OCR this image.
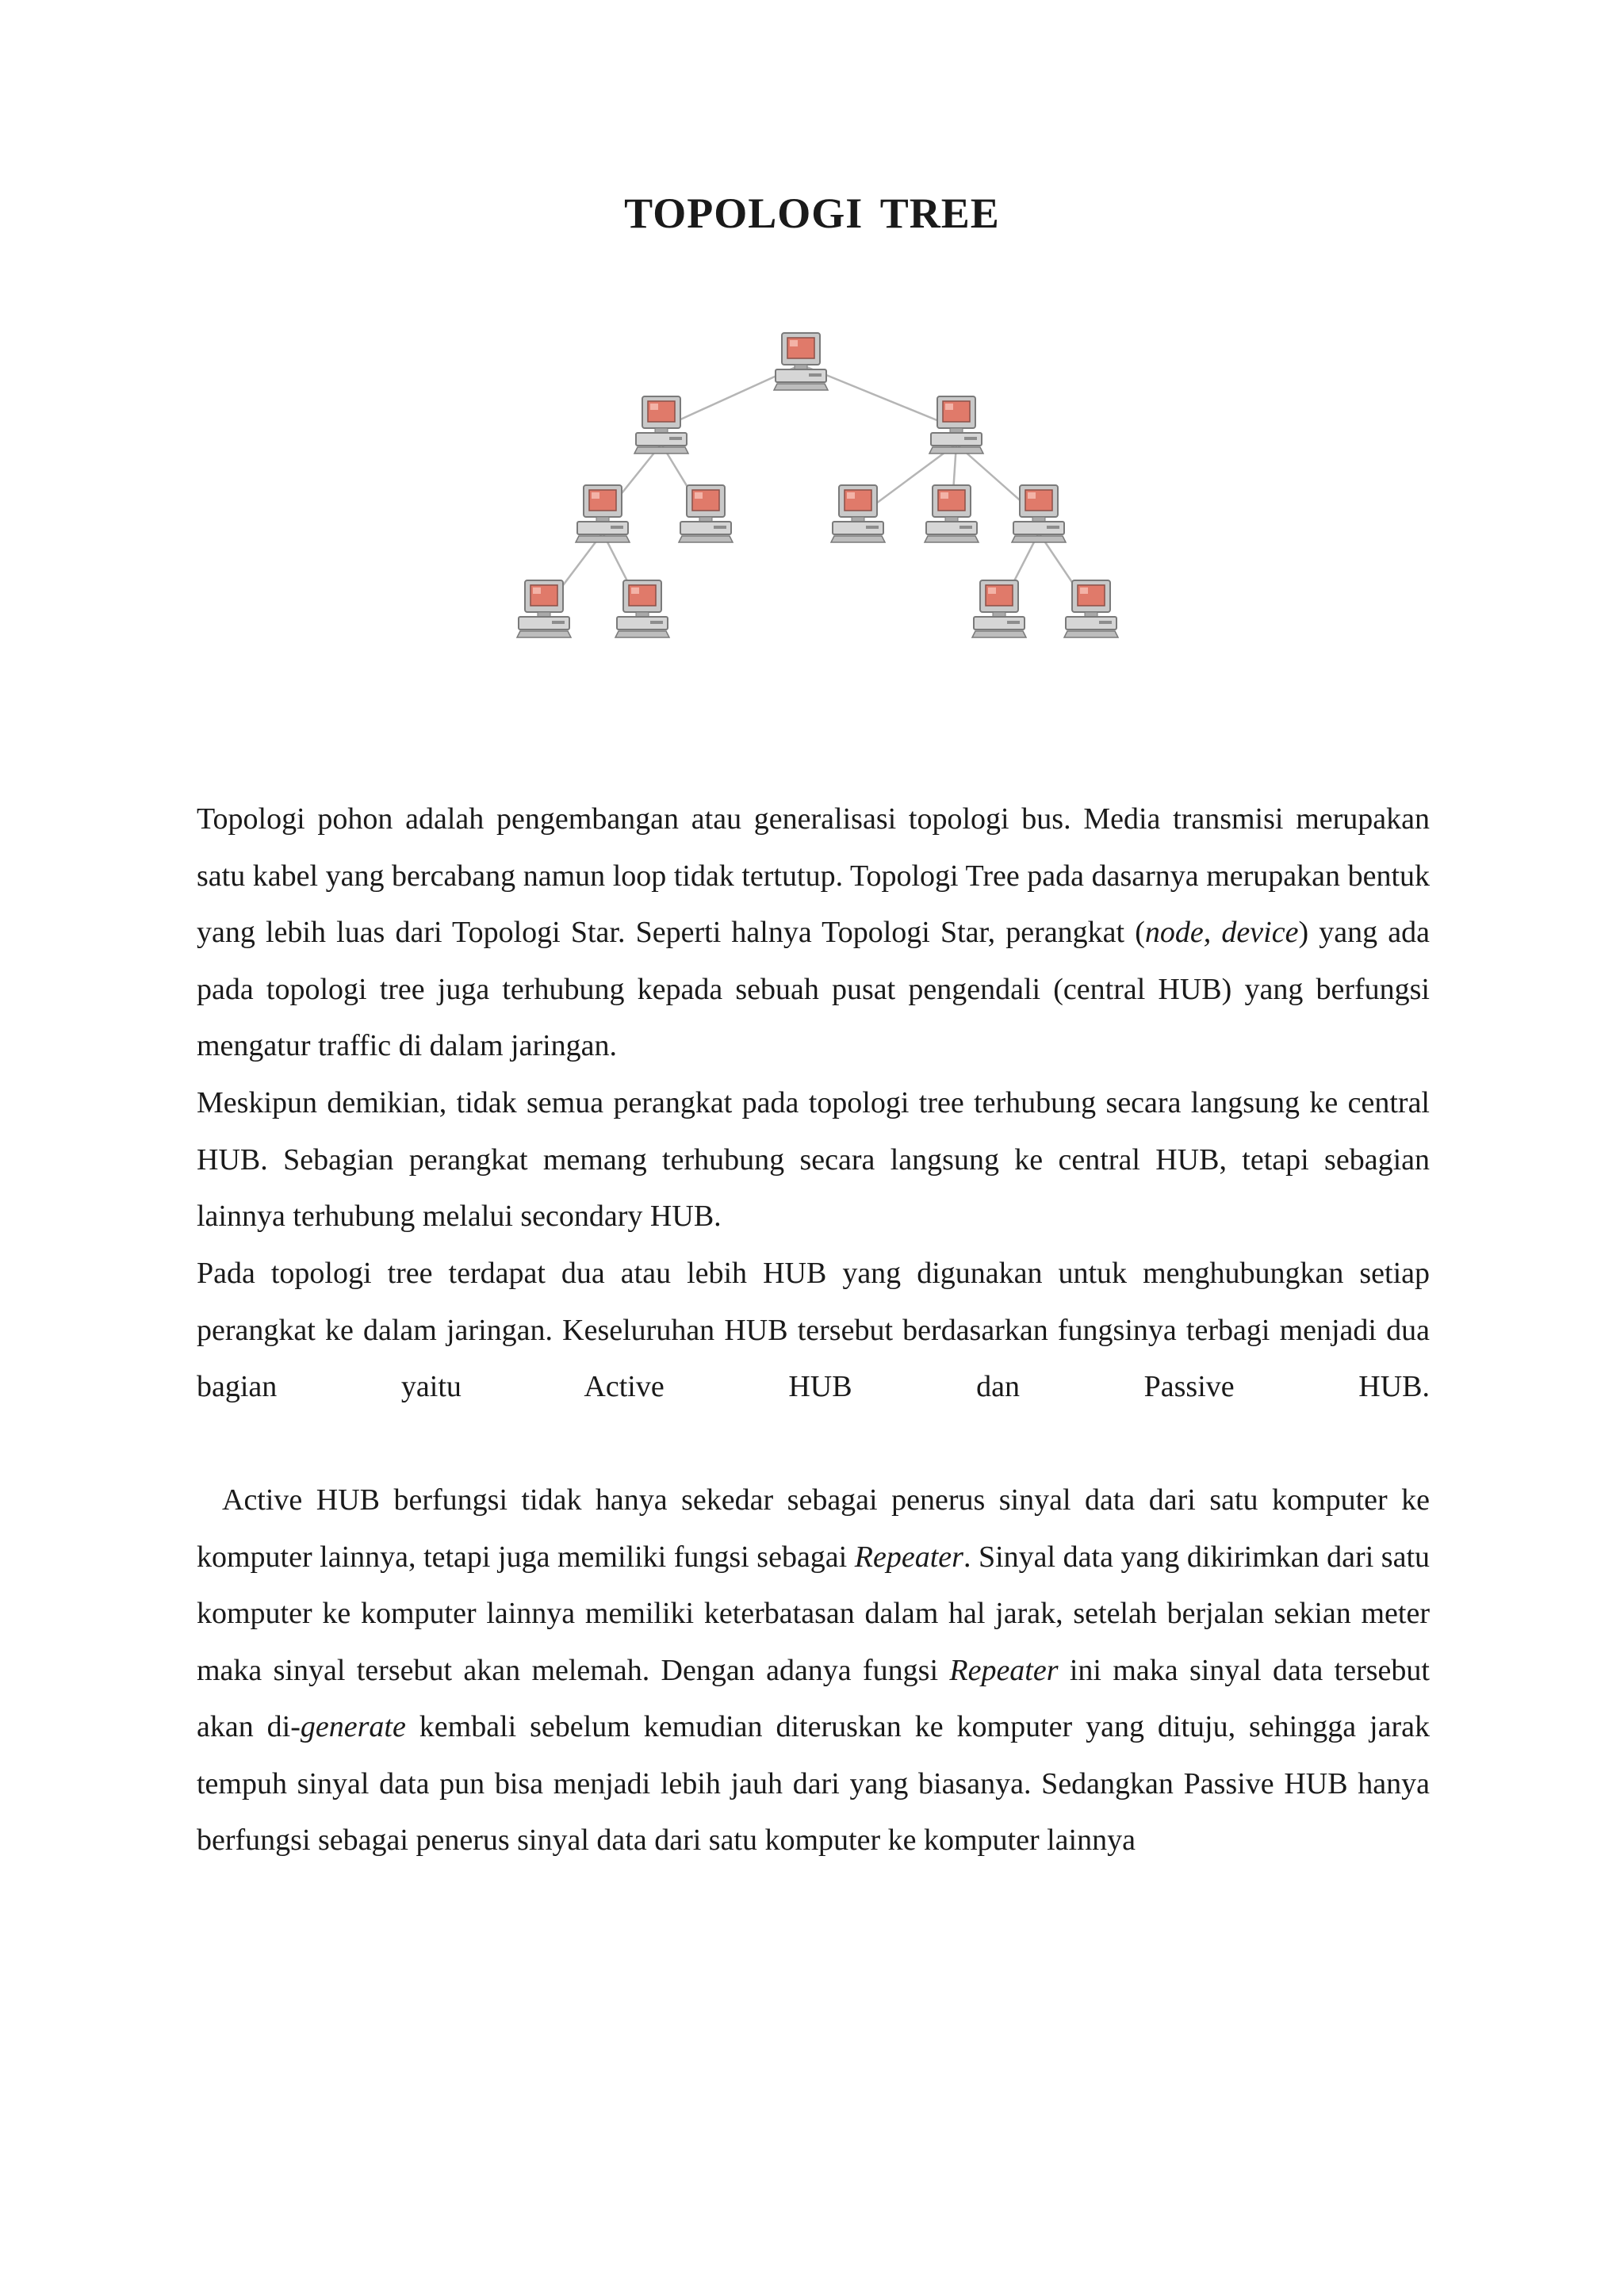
TOPOLOGI TREE

Topologi pohon adalah pengembangan atau generalisasi topologi bus. Media transmisi merupakan satu kabel yang bercabang namun loop tidak tertutup. Topologi Tree pada dasarnya merupakan bentuk yang lebih luas dari Topologi Star. Seperti halnya Topologi Star, perangkat (node, device) yang ada pada topologi tree juga terhubung kepada sebuah pusat pengendali (central HUB) yang berfungsi mengatur traffic di dalam jaringan.

Meskipun demikian, tidak semua perangkat pada topologi tree terhubung secara langsung ke central HUB. Sebagian perangkat memang terhubung secara langsung ke central HUB, tetapi sebagian lainnya terhubung melalui secondary HUB.

Pada topologi tree terdapat dua atau lebih HUB yang digunakan untuk menghubungkan setiap perangkat ke dalam jaringan. Keseluruhan HUB tersebut berdasarkan fungsinya terbagi menjadi dua bagian yaitu Active HUB dan Passive HUB.

Active HUB berfungsi tidak hanya sekedar sebagai penerus sinyal data dari satu komputer ke komputer lainnya, tetapi juga memiliki fungsi sebagai Repeater. Sinyal data yang dikirimkan dari satu komputer ke komputer lainnya memiliki keterbatasan dalam hal jarak, setelah berjalan sekian meter maka sinyal tersebut akan melemah. Dengan adanya fungsi Repeater ini maka sinyal data tersebut akan di-generate kembali sebelum kemudian diteruskan ke komputer yang dituju, sehingga jarak tempuh sinyal data pun bisa menjadi lebih jauh dari yang biasanya. Sedangkan Passive HUB hanya berfungsi sebagai penerus sinyal data dari satu komputer ke komputer lainnya
